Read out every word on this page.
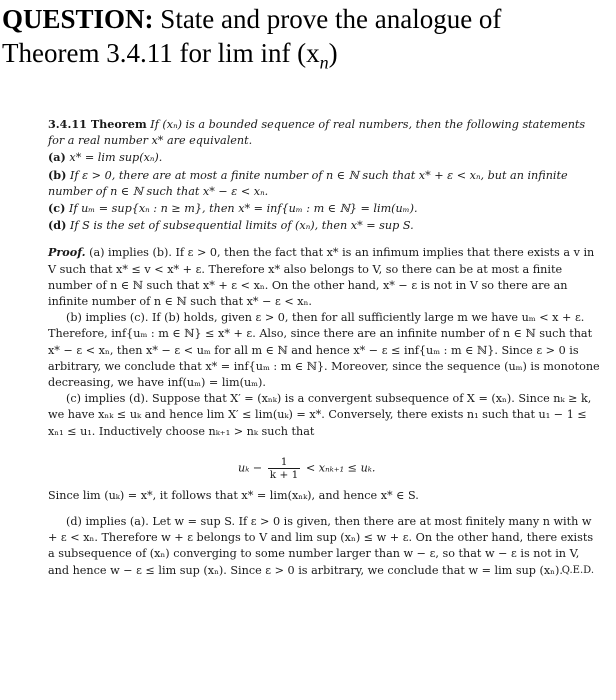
QUESTION: State and prove the analogue of
Theorem 3.4.11 for lim inf $(x_n)$

3.4.11 Theorem If (xₙ) is a bounded sequence of real numbers, then the following statements for a real number x* are equivalent.

(a) x* = lim sup(xₙ).

(b) If ε > 0, there are at most a finite number of n ∈ ℕ such that x* + ε < xₙ, but an infinite number of n ∈ ℕ such that x* − ε < xₙ.

(c) If uₘ = sup{xₙ : n ≥ m}, then x* = inf{uₘ : m ∈ ℕ} = lim(uₘ).

(d) If S is the set of subsequential limits of (xₙ), then x* = sup S.

Proof. (a) implies (b). If ε > 0, then the fact that x* is an infimum implies that there exists a v in V such that x* ≤ v < x* + ε. Therefore x* also belongs to V, so there can be at most a finite number of n ∈ ℕ such that x* + ε < xₙ. On the other hand, x* − ε is not in V so there are an infinite number of n ∈ ℕ such that x* − ε < xₙ.

(b) implies (c). If (b) holds, given ε > 0, then for all sufficiently large m we have uₘ < x + ε. Therefore, inf{uₘ : m ∈ ℕ} ≤ x* + ε. Also, since there are an infinite number of n ∈ ℕ such that x* − ε < xₙ, then x* − ε < uₘ for all m ∈ ℕ and hence x* − ε ≤ inf{uₘ : m ∈ ℕ}. Since ε > 0 is arbitrary, we conclude that x* = inf{uₘ : m ∈ ℕ}. Moreover, since the sequence (uₘ) is monotone decreasing, we have inf(uₘ) = lim(uₘ).

(c) implies (d). Suppose that X′ = (xₙₖ) is a convergent subsequence of X = (xₙ). Since nₖ ≥ k, we have xₙₖ ≤ uₖ and hence lim X′ ≤ lim(uₖ) = x*. Conversely, there exists n₁ such that u₁ − 1 ≤ xₙ₁ ≤ u₁. Inductively choose nₖ₊₁ > nₖ such that

$u_k - \frac{1}{k + 1} < x_{nk+1} \le u_k$.

Since lim (uₖ) = x*, it follows that x* = lim(xₙₖ), and hence x* ∈ S.

(d) implies (a). Let w = sup S. If ε > 0 is given, then there are at most finitely many n with w + ε < xₙ. Therefore w + ε belongs to V and lim sup (xₙ) ≤ w + ε. On the other hand, there exists a subsequence of (xₙ) converging to some number larger than w − ε, so that w − ε is not in V, and hence w − ε ≤ lim sup (xₙ). Since ε > 0 is arbitrary, we conclude that w = lim sup (xₙ).
Q.E.D.
